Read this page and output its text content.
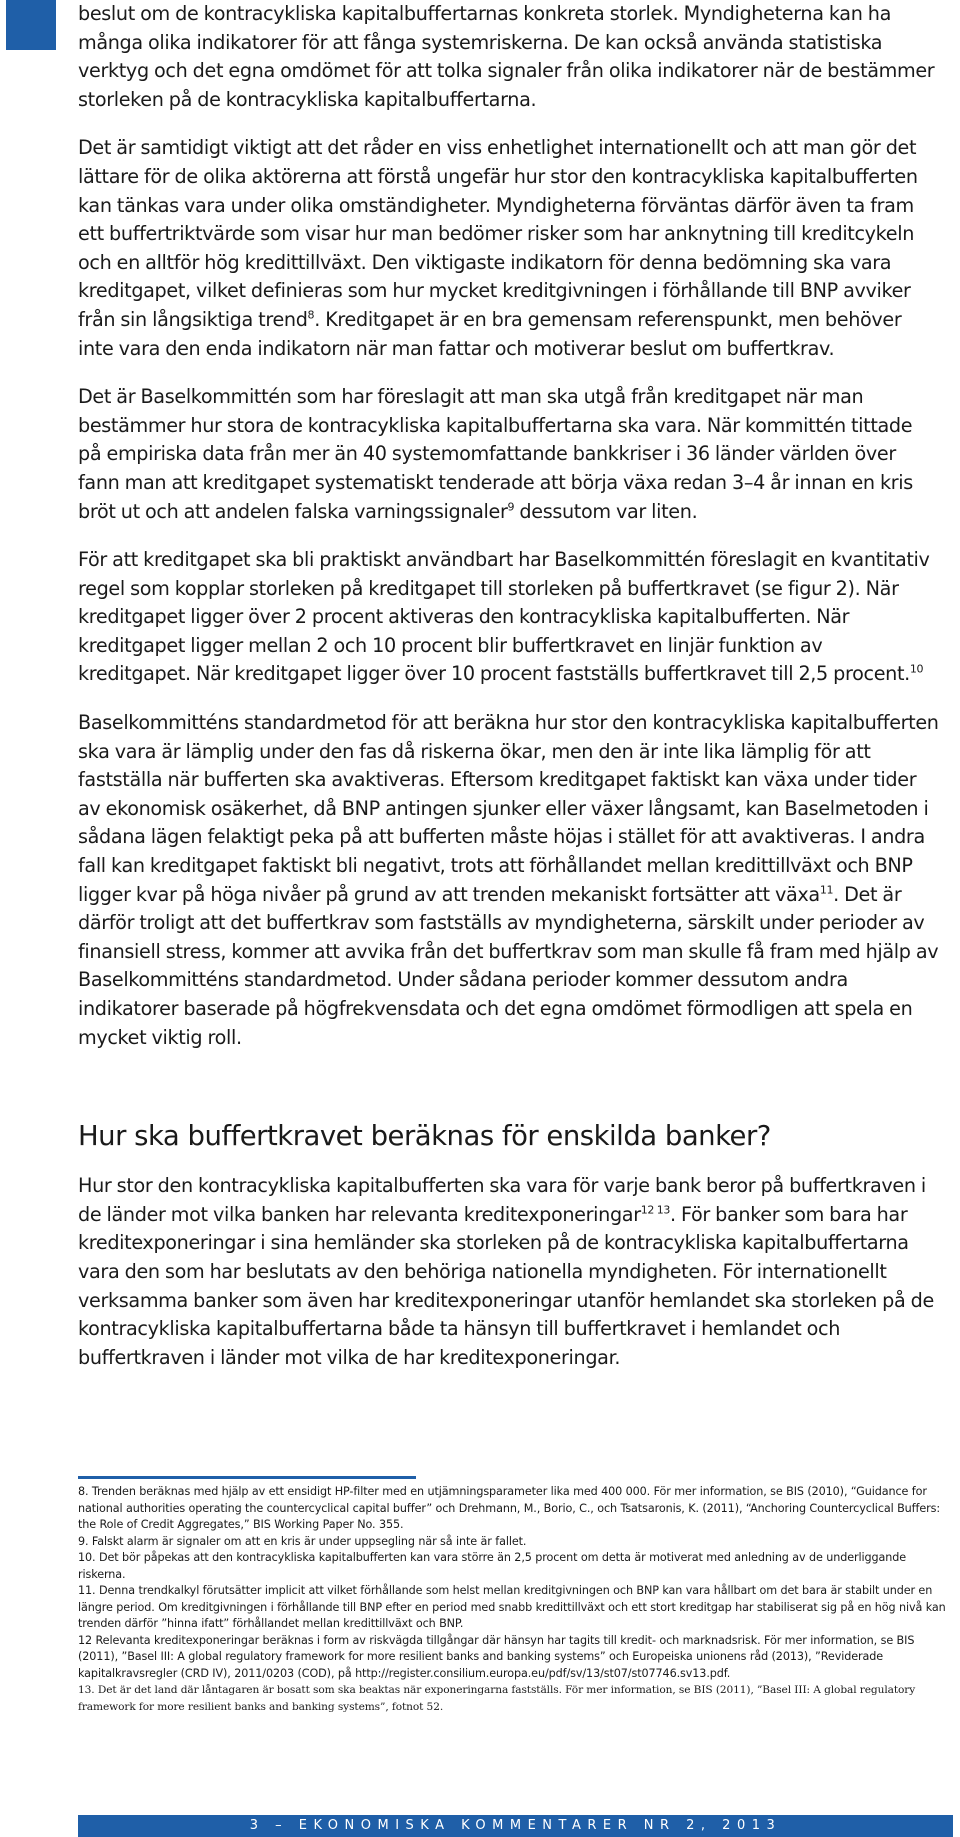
beslut om de kontracykliska kapitalbuffertarnas konkreta storlek. Myndigheterna kan ha många olika indikatorer för att fånga systemriskerna. De kan också använda statistiska verktyg och det egna omdömet för att tolka signaler från olika indikatorer när de bestämmer storleken på de kontracykliska kapitalbuffertarna.

Det är samtidigt viktigt att det råder en viss enhetlighet internationellt och att man gör det lättare för de olika aktörerna att förstå ungefär hur stor den kontracykliska kapitalbufferten kan tänkas vara under olika omständigheter. Myndigheterna förväntas därför även ta fram ett buffertriktvärde som visar hur man bedömer risker som har anknytning till kreditcykeln och en alltför hög kredittillväxt. Den viktigaste indikatorn för denna bedömning ska vara kreditgapet, vilket definieras som hur mycket kreditgivningen i förhållande till BNP avviker från sin långsiktiga trend$^8$. Kreditgapet är en bra gemensam referenspunkt, men behöver inte vara den enda indikatorn när man fattar och motiverar beslut om buffertkrav.

Det är Baselkommittén som har föreslagit att man ska utgå från kreditgapet när man bestämmer hur stora de kontracykliska kapitalbuffertarna ska vara. När kommittén tittade på empiriska data från mer än 40 systemomfattande bankkriser i 36 länder världen över fann man att kreditgapet systematiskt tenderade att börja växa redan 3–4 år innan en kris bröt ut och att andelen falska varningssignaler$^9$ dessutom var liten.

För att kreditgapet ska bli praktiskt användbart har Baselkommittén föreslagit en kvantitativ regel som kopplar storleken på kreditgapet till storleken på buffertkravet (se figur 2). När kreditgapet ligger över 2 procent aktiveras den kontracykliska kapitalbufferten. När kreditgapet ligger mellan 2 och 10 procent blir buffertkravet en linjär funktion av kreditgapet. När kreditgapet ligger över 10 procent fastställs buffertkravet till 2,5 procent.$^{10}$

Baselkommitténs standardmetod för att beräkna hur stor den kontracykliska kapitalbufferten ska vara är lämplig under den fas då riskerna ökar, men den är inte lika lämplig för att fastställa när bufferten ska avaktiveras. Eftersom kreditgapet faktiskt kan växa under tider av ekonomisk osäkerhet, då BNP antingen sjunker eller växer långsamt, kan Baselmetoden i sådana lägen felaktigt peka på att bufferten måste höjas i stället för att avaktiveras. I andra fall kan kreditgapet faktiskt bli negativt, trots att förhållandet mellan kredittillväxt och BNP ligger kvar på höga nivåer på grund av att trenden mekaniskt fortsätter att växa$^{11}$. Det är därför troligt att det buffertkrav som fastställs av myndigheterna, särskilt under perioder av finansiell stress, kommer att avvika från det buffertkrav som man skulle få fram med hjälp av Baselkommitténs standardmetod. Under sådana perioder kommer dessutom andra indikatorer baserade på högfrekvensdata och det egna omdömet förmodligen att spela en mycket viktig roll.

Hur ska buffertkravet beräknas för enskilda banker?

Hur stor den kontracykliska kapitalbufferten ska vara för varje bank beror på buffertkraven i de länder mot vilka banken har relevanta kreditexponeringar$^{12 13}$. För banker som bara har kreditexponeringar i sina hemländer ska storleken på de kontracykliska kapitalbuffertarna vara den som har beslutats av den behöriga nationella myndigheten. För internationellt verksamma banker som även har kreditexponeringar utanför hemlandet ska storleken på de kontracykliska kapitalbuffertarna både ta hänsyn till buffertkravet i hemlandet och buffertkraven i länder mot vilka de har kreditexponeringar.

8. Trenden beräknas med hjälp av ett ensidigt HP-filter med en utjämningsparameter lika med 400 000. För mer information, se BIS (2010), “Guidance for national authorities operating the countercyclical capital buffer” och Drehmann, M., Borio, C., och Tsatsaronis, K. (2011), “Anchoring Countercyclical Buffers: the Role of Credit Aggregates,” BIS Working Paper No. 355.

9. Falskt alarm är signaler om att en kris är under uppsegling när så inte är fallet.

10. Det bör påpekas att den kontracykliska kapitalbufferten kan vara större än 2,5 procent om detta är motiverat med anledning av de underliggande riskerna.

11. Denna trendkalkyl förutsätter implicit att vilket förhållande som helst mellan kreditgivningen och BNP kan vara hållbart om det bara är stabilt under en längre period. Om kreditgivningen i förhållande till BNP efter en period med snabb kredittillväxt och ett stort kreditgap har stabiliserat sig på en hög nivå kan trenden därför ”hinna ifatt” förhållandet mellan kredittillväxt och BNP.

12 Relevanta kreditexponeringar beräknas i form av riskvägda tillgångar där hänsyn har tagits till kredit- och marknadsrisk. För mer information, se BIS (2011), ”Basel III: A global regulatory framework for more resilient banks and banking systems” och Europeiska unionens råd (2013), ”Reviderade kapitalkravsregler (CRD IV), 2011/0203 (COD), på http://register.consilium.europa.eu/pdf/sv/13/st07/st07746.sv13.pdf.

13. Det är det land där låntagaren är bosatt som ska beaktas när exponeringarna fastställs. För mer information, se BIS (2011), ”Basel III: A global regulatory framework for more resilient banks and banking systems”, fotnot 52.

3 – EKONOMISKA KOMMENTARER NR 2, 2013
